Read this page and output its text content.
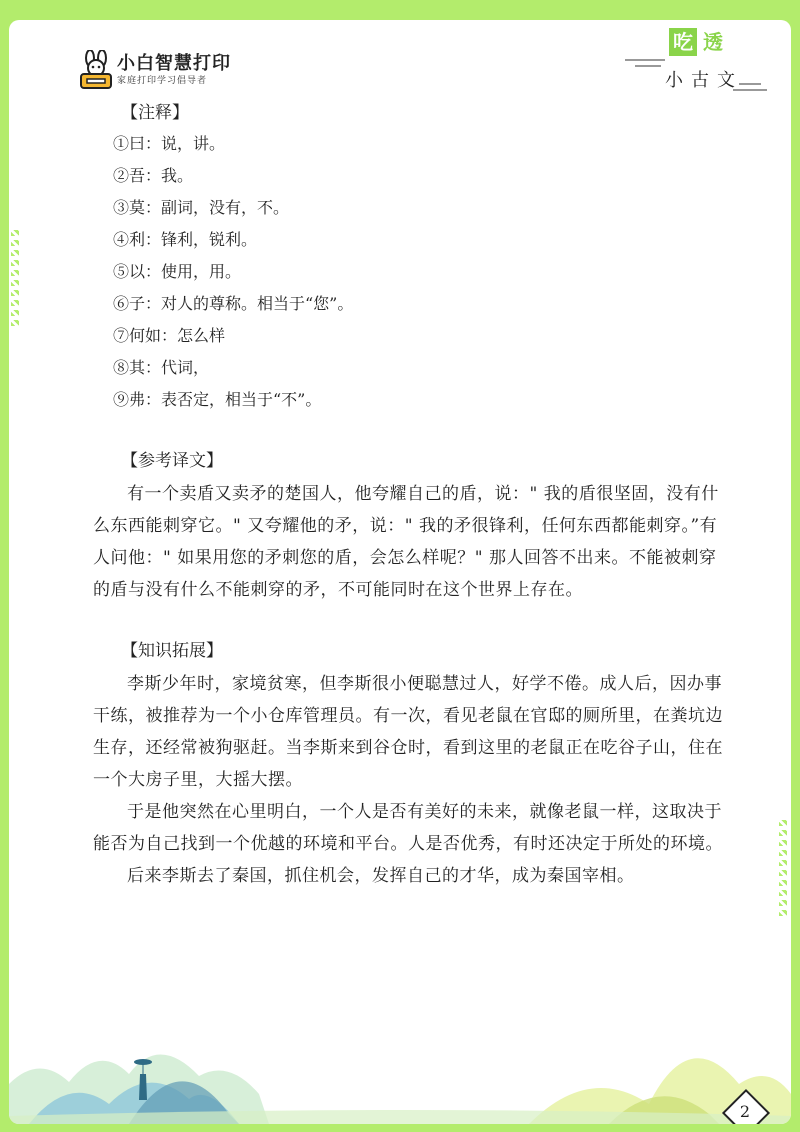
小白智慧打印
家庭打印学习倡导者
吃 透
小古文
【注释】
①曰：说，讲。
②吾：我。
③莫：副词，没有，不。
④利：锋利，锐利。
⑤以：使用，用。
⑥子：对人的尊称。相当于“您”。
⑦何如：怎么样
⑧其：代词，
⑨弗：表否定，相当于“不”。
【参考译文】

有一个卖盾又卖矛的楚国人，他夸耀自己的盾，说：" 我的盾很坚固，没有什么东西能刺穿它。" 又夸耀他的矛，说：" 我的矛很锋利，任何东西都能刺穿。”有人问他：" 如果用您的矛刺您的盾，会怎么样呢？" 那人回答不出来。不能被刺穿的盾与没有什么不能刺穿的矛，不可能同时在这个世界上存在。

【知识拓展】

李斯少年时，家境贫寒，但李斯很小便聪慧过人，好学不倦。成人后，因办事干练，被推荐为一个小仓库管理员。有一次，看见老鼠在官邸的厕所里，在粪坑边生存，还经常被狗驱赶。当李斯来到谷仓时，看到这里的老鼠正在吃谷子山，住在一个大房子里，大摇大摆。

于是他突然在心里明白，一个人是否有美好的未来，就像老鼠一样，这取决于能否为自己找到一个优越的环境和平台。人是否优秀，有时还决定于所处的环境。

后来李斯去了秦国，抓住机会，发挥自己的才华，成为秦国宰相。

2
